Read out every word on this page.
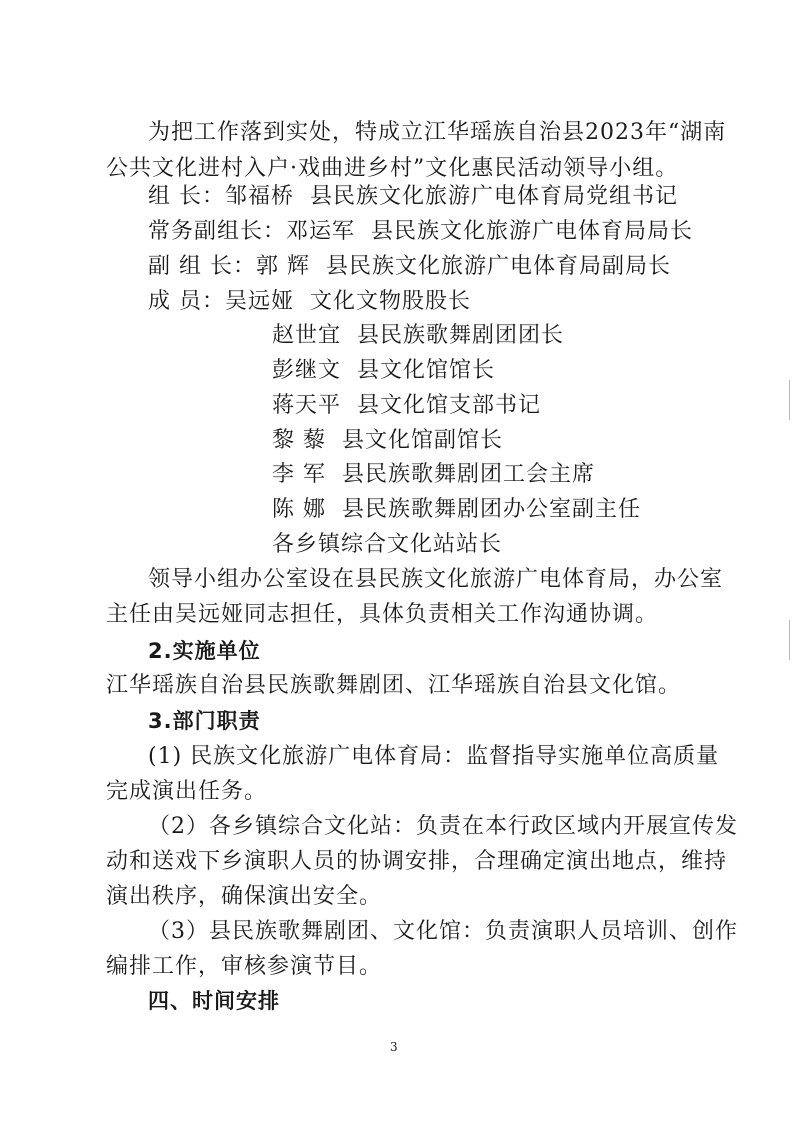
为把工作落到实处，特成立江华瑶族自治县2023年“湖南
公共文化进村入户·戏曲进乡村”文化惠民活动领导小组。
组 长：邹福桥 县民族文化旅游广电体育局党组书记
常务副组长：邓运军 县民族文化旅游广电体育局局长
副 组 长：郭 辉 县民族文化旅游广电体育局副局长
成 员：吴远娅 文化文物股股长
赵世宜 县民族歌舞剧团团长
彭继文 县文化馆馆长
蒋天平 县文化馆支部书记
黎 藜 县文化馆副馆长
李 军 县民族歌舞剧团工会主席
陈 娜 县民族歌舞剧团办公室副主任
各乡镇综合文化站站长
领导小组办公室设在县民族文化旅游广电体育局，办公室
主任由吴远娅同志担任，具体负责相关工作沟通协调。
2.实施单位
江华瑶族自治县民族歌舞剧团、江华瑶族自治县文化馆。
3.部门职责
(1) 民族文化旅游广电体育局：监督指导实施单位高质量
完成演出任务。
（2）各乡镇综合文化站：负责在本行政区域内开展宣传发
动和送戏下乡演职人员的协调安排，合理确定演出地点，维持
演出秩序，确保演出安全。
（3）县民族歌舞剧团、文化馆：负责演职人员培训、创作
编排工作，审核参演节目。
四、时间安排
3
